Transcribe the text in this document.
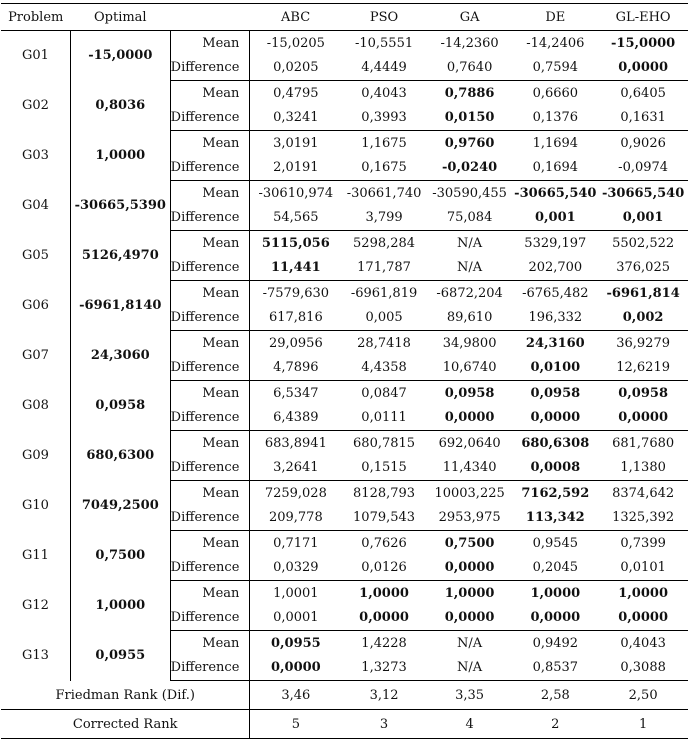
Problem	Optimal		ABC	PSO	GA	DE	GL-EHO
G01	-15,0000	Mean	-15,0205	-10,5551	-14,2360	-14,2406	-15,0000
		Difference	0,0205	4,4449	0,7640	0,7594	0,0000
G02	0,8036	Mean	0,4795	0,4043	0,7886	0,6660	0,6405
		Difference	0,3241	0,3993	0,0150	0,1376	0,1631
G03	1,0000	Mean	3,0191	1,1675	0,9760	1,1694	0,9026
		Difference	2,0191	0,1675	-0,0240	0,1694	-0,0974
G04	-30665,5390	Mean	-30610,974	-30661,740	-30590,455	-30665,540	-30665,540
		Difference	54,565	3,799	75,084	0,001	0,001
G05	5126,4970	Mean	5115,056	5298,284	N/A	5329,197	5502,522
		Difference	11,441	171,787	N/A	202,700	376,025
G06	-6961,8140	Mean	-7579,630	-6961,819	-6872,204	-6765,482	-6961,814
		Difference	617,816	0,005	89,610	196,332	0,002
G07	24,3060	Mean	29,0956	28,7418	34,9800	24,3160	36,9279
		Difference	4,7896	4,4358	10,6740	0,0100	12,6219
G08	0,0958	Mean	6,5347	0,0847	0,0958	0,0958	0,0958
		Difference	6,4389	0,0111	0,0000	0,0000	0,0000
G09	680,6300	Mean	683,8941	680,7815	692,0640	680,6308	681,7680
		Difference	3,2641	0,1515	11,4340	0,0008	1,1380
G10	7049,2500	Mean	7259,028	8128,793	10003,225	7162,592	8374,642
		Difference	209,778	1079,543	2953,975	113,342	1325,392
G11	0,7500	Mean	0,7171	0,7626	0,7500	0,9545	0,7399
		Difference	0,0329	0,0126	0,0000	0,2045	0,0101
G12	1,0000	Mean	1,0001	1,0000	1,0000	1,0000	1,0000
		Difference	0,0001	0,0000	0,0000	0,0000	0,0000
G13	0,0955	Mean	0,0955	1,4228	N/A	0,9492	0,4043
		Difference	0,0000	1,3273	N/A	0,8537	0,3088
Friedman Rank (Dif.)			3,46	3,12	3,35	2,58	2,50
Corrected Rank			5	3	4	2	1
